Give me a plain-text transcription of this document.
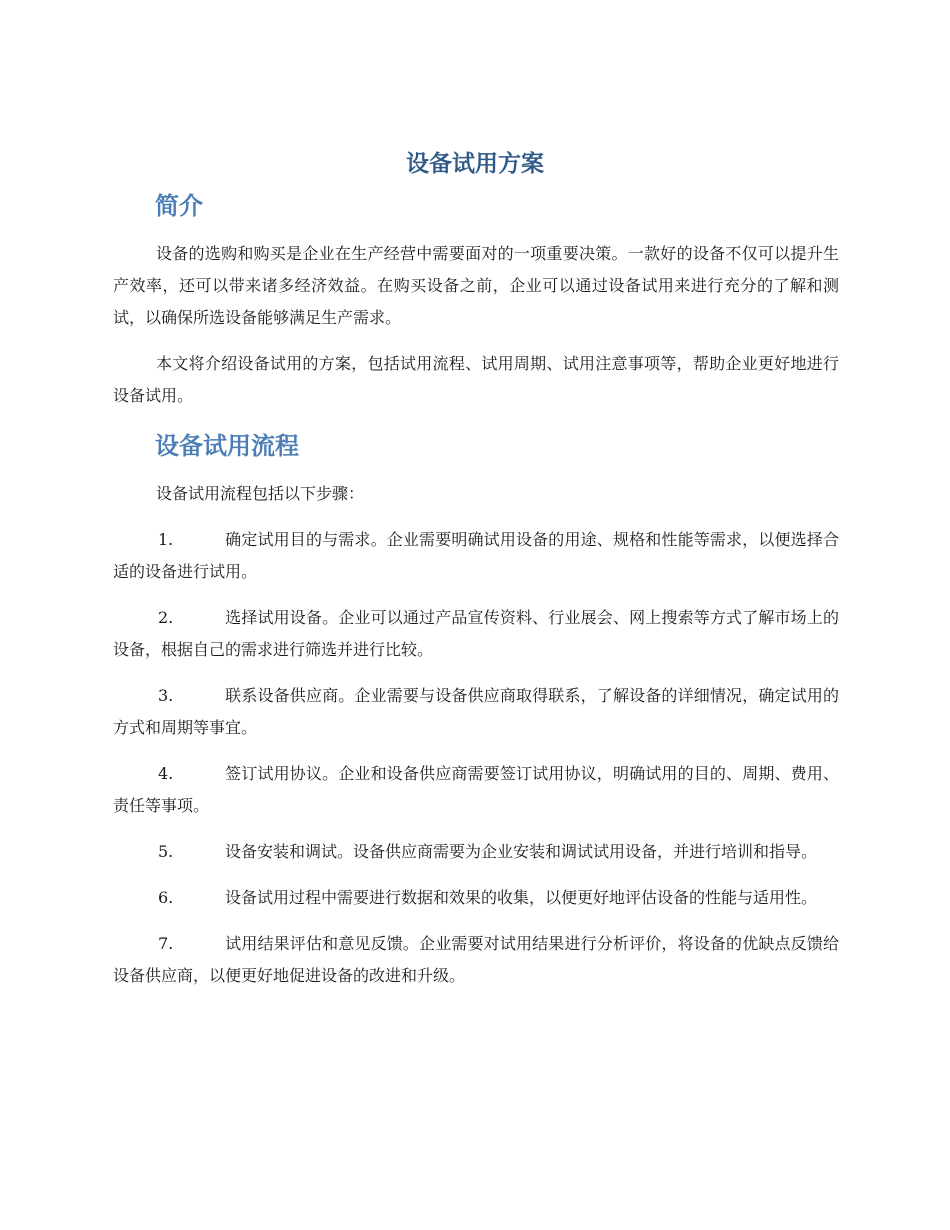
设备试用方案
简介

设备的选购和购买是企业在生产经营中需要面对的一项重要决策。一款好的设备不仅可以提升生产效率，还可以带来诸多经济效益。在购买设备之前，企业可以通过设备试用来进行充分的了解和测试，以确保所选设备能够满足生产需求。

本文将介绍设备试用的方案，包括试用流程、试用周期、试用注意事项等，帮助企业更好地进行设备试用。

设备试用流程

设备试用流程包括以下步骤：

1.	确定试用目的与需求。企业需要明确试用设备的用途、规格和性能等需求，以便选择合适的设备进行试用。
2.	选择试用设备。企业可以通过产品宣传资料、行业展会、网上搜索等方式了解市场上的设备，根据自己的需求进行筛选并进行比较。
3.	联系设备供应商。企业需要与设备供应商取得联系，了解设备的详细情况，确定试用的方式和周期等事宜。
4.	签订试用协议。企业和设备供应商需要签订试用协议，明确试用的目的、周期、费用、责任等事项。
5.	设备安装和调试。设备供应商需要为企业安装和调试试用设备，并进行培训和指导。
6.	设备试用过程中需要进行数据和效果的收集，以便更好地评估设备的性能与适用性。
7.	试用结果评估和意见反馈。企业需要对试用结果进行分析评价，将设备的优缺点反馈给设备供应商，以便更好地促进设备的改进和升级。
